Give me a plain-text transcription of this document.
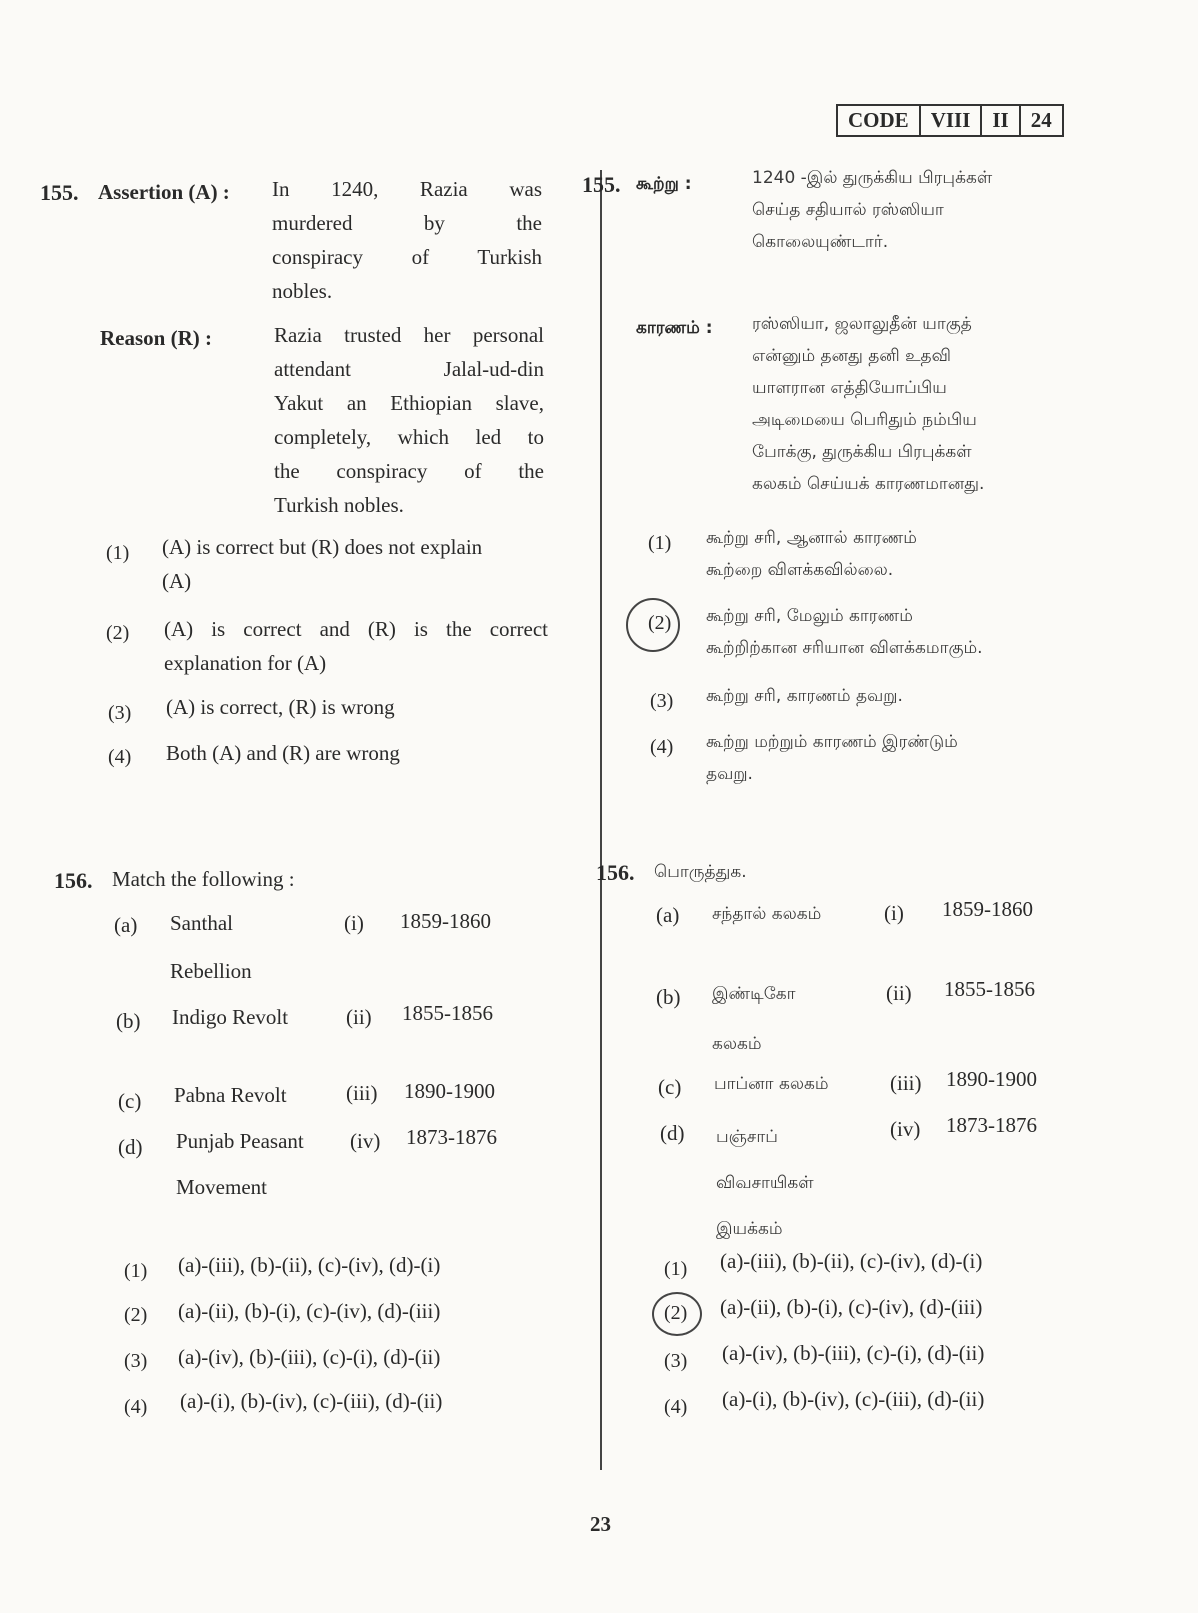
CODE	VIII	II	24
155. Assertion (A) : In 1240, Razia was
murdered by the
conspiracy of Turkish
nobles.
Reason (R) :	Razia trusted her personal
attendant Jalal-ud-din
Yakut an Ethiopian slave,
completely, which led to
the conspiracy of the
Turkish nobles.
(1) (A) is correct but (R) does not explain
(A)
(2) (A) is correct and (R) is the correct
explanation for (A)
(3) (A) is correct, (R) is wrong
(4) Both (A) and (R) are wrong
155. கூற்று :	1240 -இல் துருக்கிய பிரபுக்கள்
செய்த சதியால் ரஸ்ஸியா
கொலையுண்டார்.
காரணம் : ரஸ்ஸியா, ஜலாலுதீன் யாகுத்
என்னும் தனது தனி உதவி
யாளரான எத்தியோப்பிய
அடிமையை பெரிதும் நம்பிய
போக்கு, துருக்கிய பிரபுக்கள்
கலகம் செய்யக் காரணமானது.
(1) கூற்று சரி, ஆனால் காரணம்
கூற்றை விளக்கவில்லை.
(2) கூற்று சரி, மேலும் காரணம்
கூற்றிற்கான சரியான விளக்கமாகும்.
(3) கூற்று சரி, காரணம் தவறு.
(4) கூற்று மற்றும் காரணம் இரண்டும்
தவறு.
156. Match the following :
(a) Santhal
Rebellion
(i) 1859-1860
(b) Indigo Revolt	(ii) 1855-1856
(c) Pabna Revolt	(iii) 1890-1900
(d) Punjab Peasant
Movement
(iv) 1873-1876
(1) (a)-(iii), (b)-(ii), (c)-(iv), (d)-(i)
(2) (a)-(ii), (b)-(i), (c)-(iv), (d)-(iii)
(3) (a)-(iv), (b)-(iii), (c)-(i), (d)-(ii)
(4) (a)-(i), (b)-(iv), (c)-(iii), (d)-(ii)
156. பொருத்துக.
(a) சந்தால் கலகம்	(i) 1859-1860
(b) இண்டிகோ
கலகம்
(ii) 1855-1856
(c) பாப்னா கலகம்	(iii) 1890-1900
(d) பஞ்சாப்
விவசாயிகள்
இயக்கம்
(iv) 1873-1876
(1) (a)-(iii), (b)-(ii), (c)-(iv), (d)-(i)
(2) (a)-(ii), (b)-(i), (c)-(iv), (d)-(iii)
(3) (a)-(iv), (b)-(iii), (c)-(i), (d)-(ii)
(4) (a)-(i), (b)-(iv), (c)-(iii), (d)-(ii)
23
